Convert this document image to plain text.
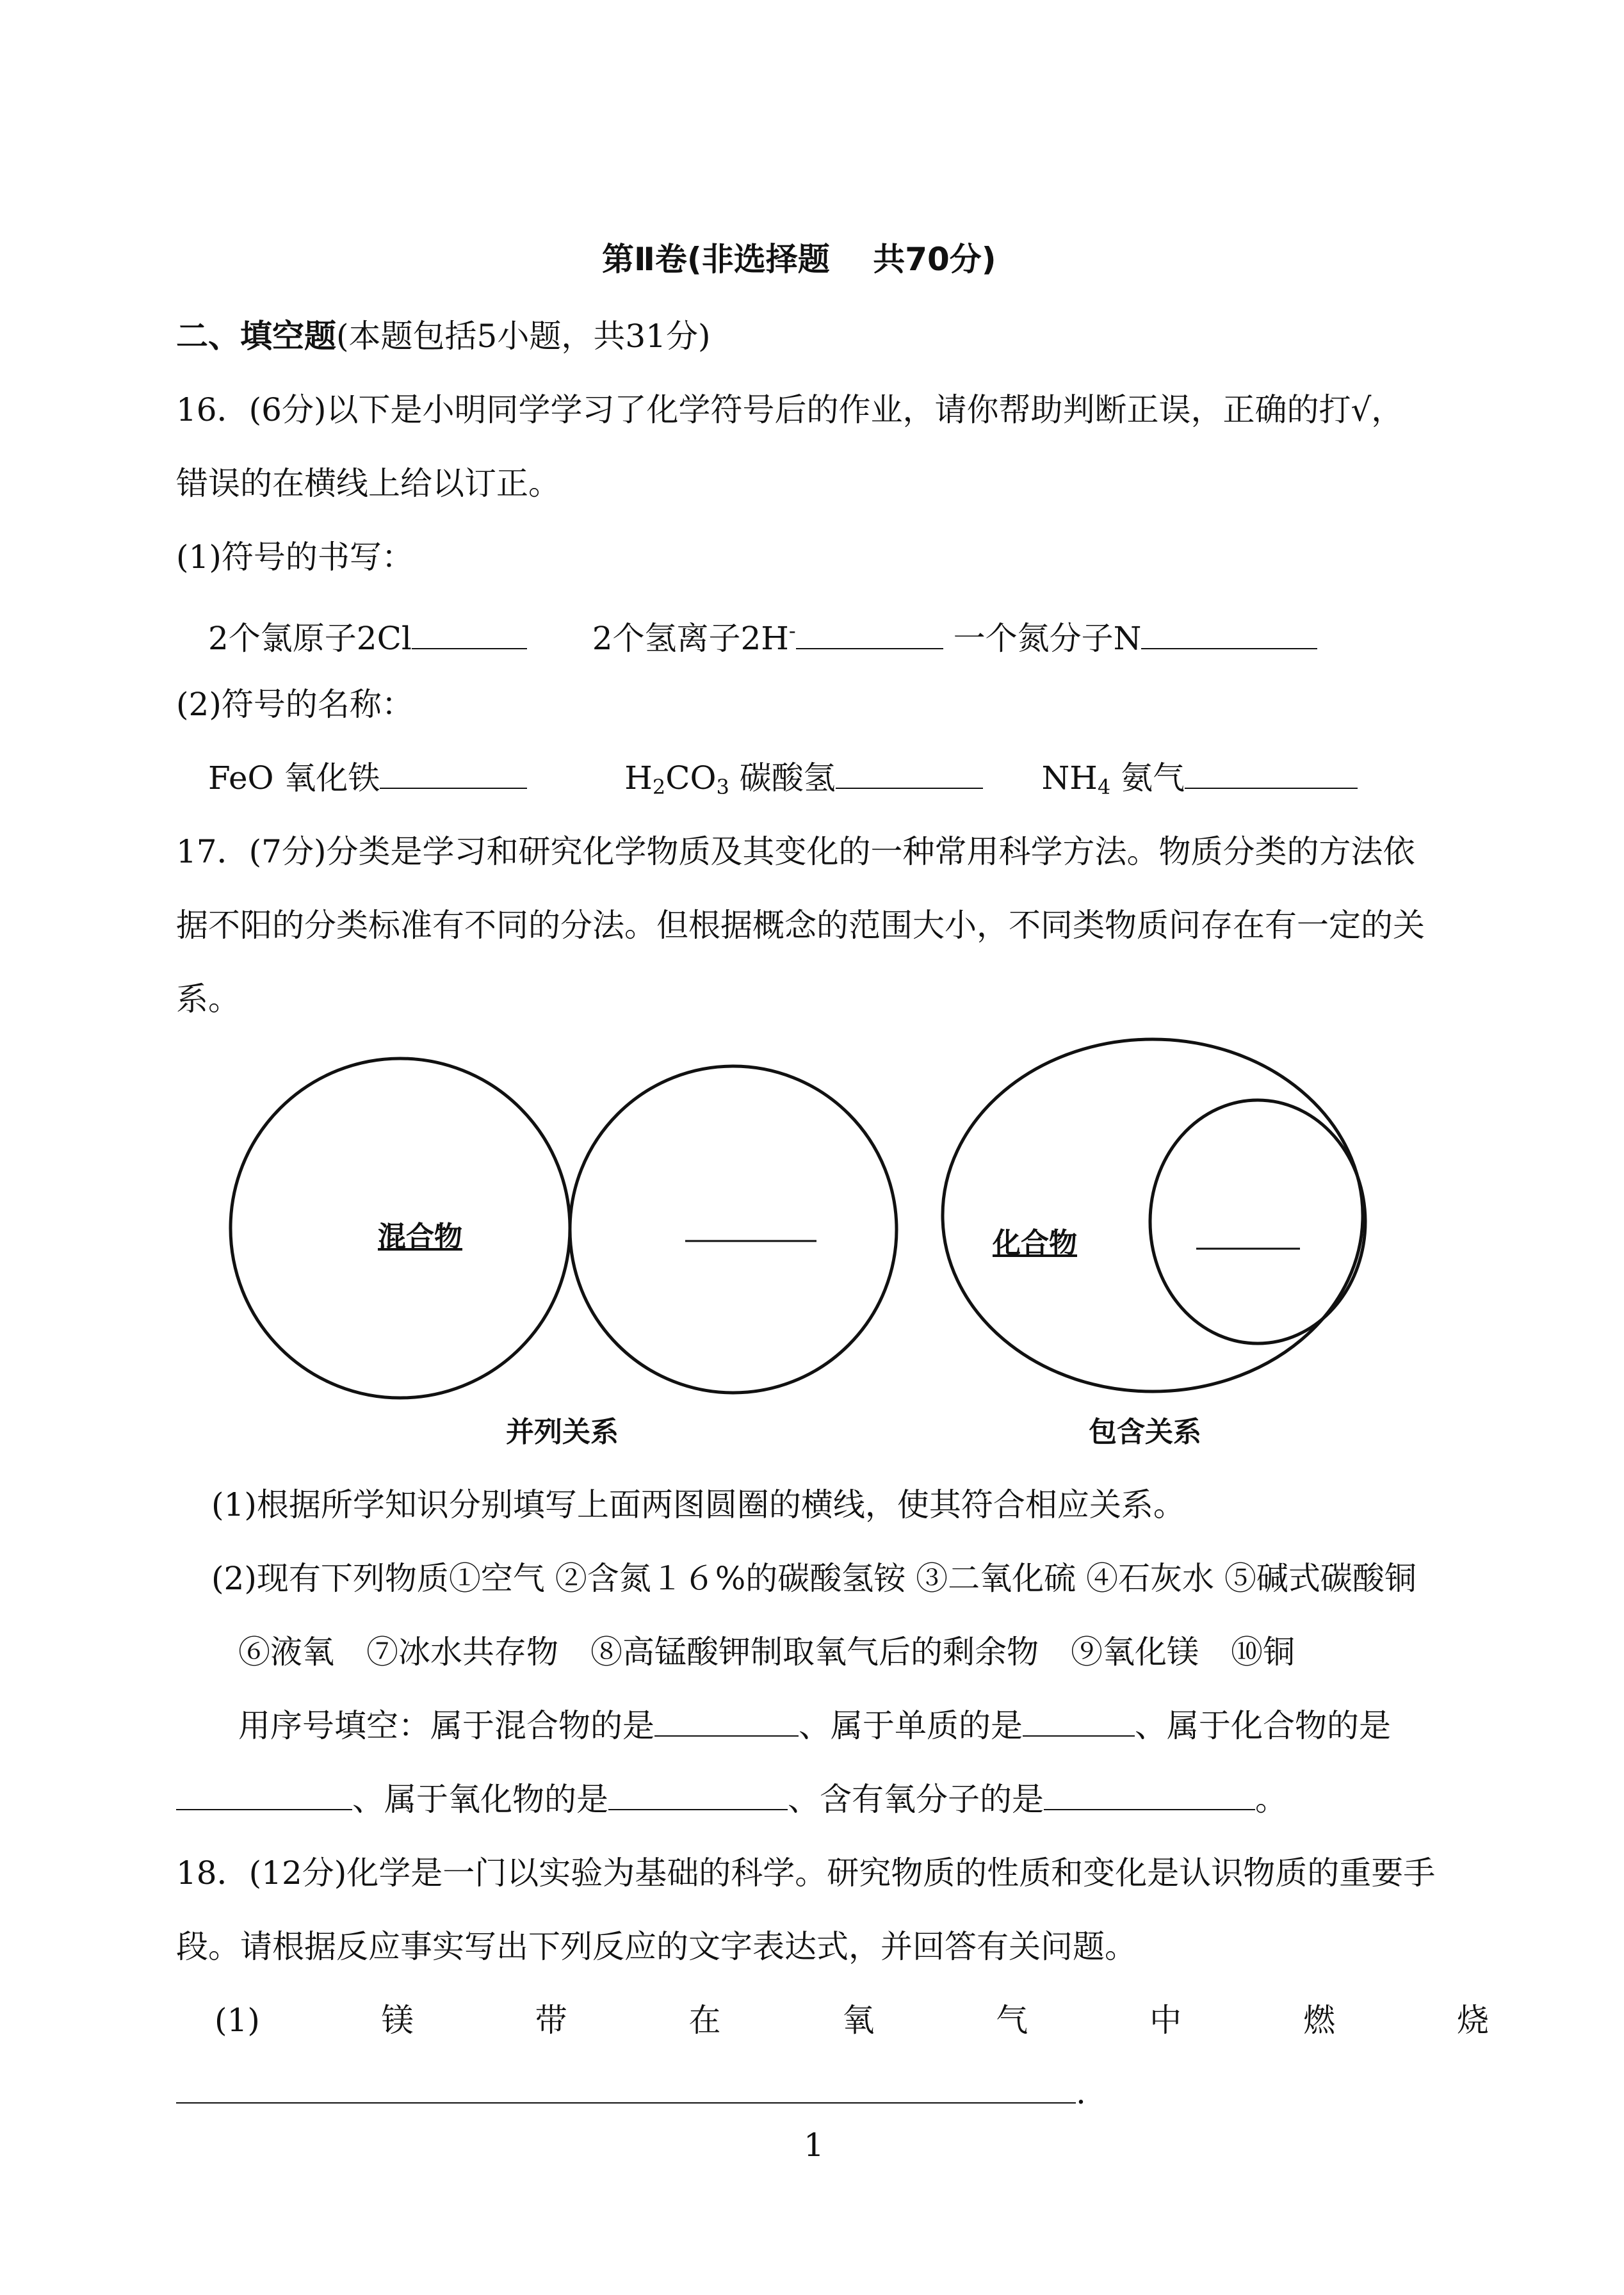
第Ⅱ卷(非选择题　 共70分)
二、填空题(本题包括5小题，共31分)
16．(6分)以下是小明同学学习了化学符号后的作业，请你帮助判断正误，正确的打√，
错误的在横线上给以订正。
(1)符号的书写：
2个氯原子2Cl	2个氢离子2H-	一个氮分子N
(2)符号的名称：
FeO 氧化铁	$H_2CO_3$ 碳酸氢	$NH_4$ 氨气
17．(7分)分类是学习和研究化学物质及其变化的一种常用科学方法。物质分类的方法依
据不阳的分类标准有不同的分法。但根据概念的范围大小，不同类物质问存在有一定的关
系。
混合物	化合物
并列关系	包含关系
(1)根据所学知识分别填写上面两图圆圈的横线，使其符合相应关系。
(2)现有下列物质①空气 ②含氮１６%的碳酸氢铵 ③二氧化硫 ④石灰水 ⑤碱式碳酸铜
⑥液氧　⑦冰水共存物　⑧高锰酸钾制取氧气后的剩余物　⑨氧化镁　⑩铜
用序号填空：属于混合物的是	、属于单质的是	、属于化合物的是
、属于氧化物的是	、含有氧分子的是	。
18．(12分)化学是一门以实验为基础的科学。研究物质的性质和变化是认识物质的重要手
段。请根据反应事实写出下列反应的文字表达式，并回答有关问题。
(1)	镁	带	在	氧	气	中	燃	烧
.
1
